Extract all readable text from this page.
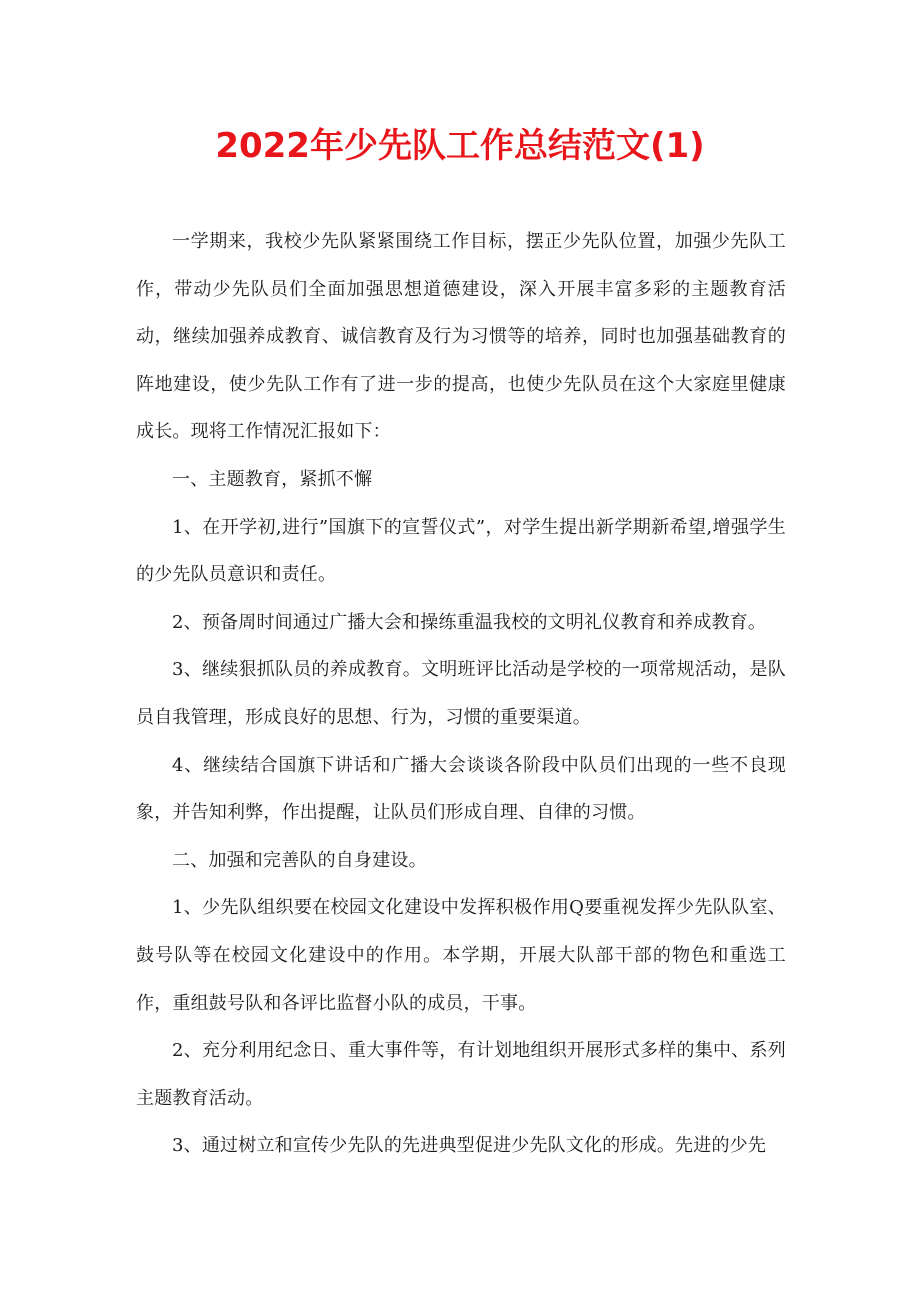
2022年少先队工作总结范文(1)

一学期来，我校少先队紧紧围绕工作目标，摆正少先队位置，加强少先队工作，带动少先队员们全面加强思想道德建设，深入开展丰富多彩的主题教育活动，继续加强养成教育、诚信教育及行为习惯等的培养，同时也加强基础教育的阵地建设，使少先队工作有了进一步的提高，也使少先队员在这个大家庭里健康成长。现将工作情况汇报如下：

一、主题教育，紧抓不懈

1、在开学初,进行”国旗下的宣誓仪式”，对学生提出新学期新希望,增强学生的少先队员意识和责任。

2、预备周时间通过广播大会和操练重温我校的文明礼仪教育和养成教育。

3、继续狠抓队员的养成教育。文明班评比活动是学校的一项常规活动，是队员自我管理，形成良好的思想、行为，习惯的重要渠道。

4、继续结合国旗下讲话和广播大会谈谈各阶段中队员们出现的一些不良现象，并告知利弊，作出提醒，让队员们形成自理、自律的习惯。

二、加强和完善队的自身建设。

1、少先队组织要在校园文化建设中发挥积极作用Q要重视发挥少先队队室、鼓号队等在校园文化建设中的作用。本学期，开展大队部干部的物色和重选工作，重组鼓号队和各评比监督小队的成员，干事。

2、充分利用纪念日、重大事件等，有计划地组织开展形式多样的集中、系列主题教育活动。

3、通过树立和宣传少先队的先进典型促进少先队文化的形成。先进的少先
